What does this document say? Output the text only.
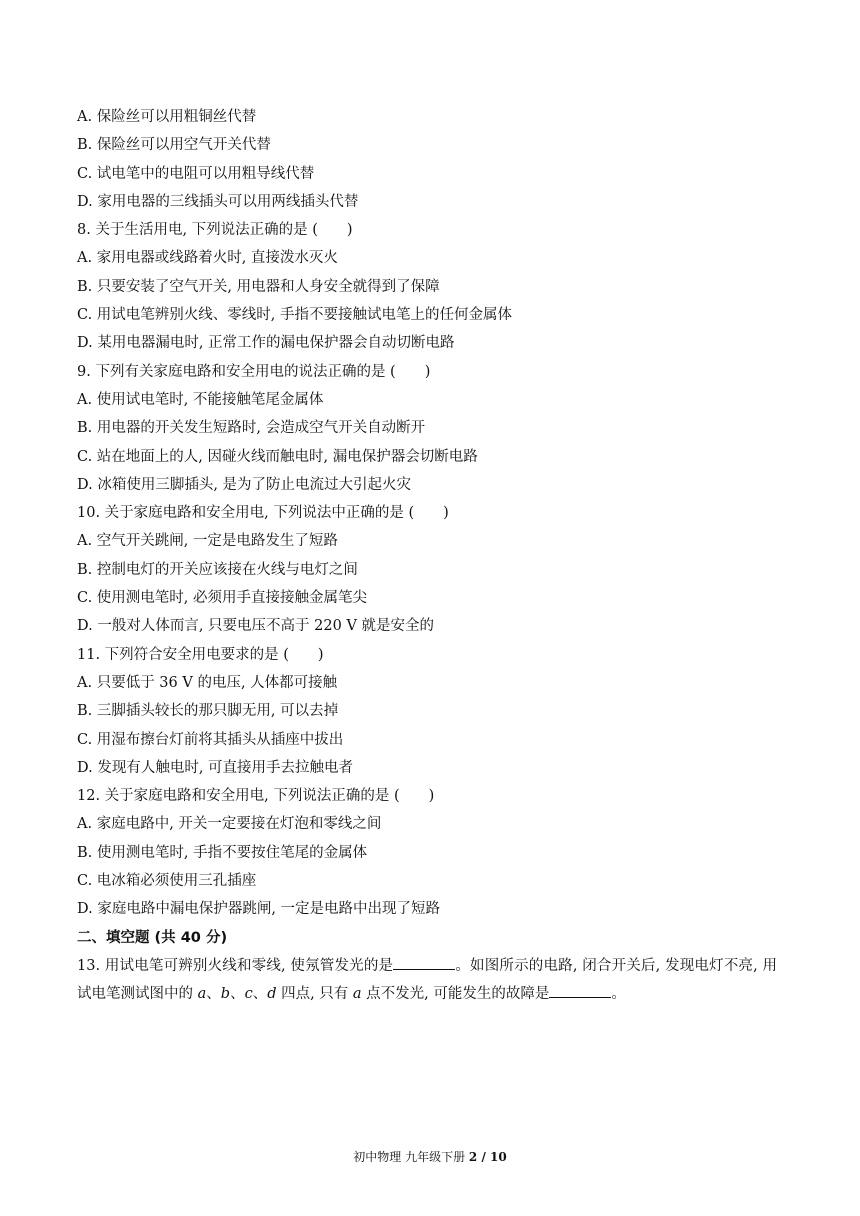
A. 保险丝可以用粗铜丝代替
B. 保险丝可以用空气开关代替
C. 试电笔中的电阻可以用粗导线代替
D. 家用电器的三线插头可以用两线插头代替
8. 关于生活用电, 下列说法正确的是 (　　)
A. 家用电器或线路着火时, 直接泼水灭火
B. 只要安装了空气开关, 用电器和人身安全就得到了保障
C. 用试电笔辨别火线、零线时, 手指不要接触试电笔上的任何金属体
D. 某用电器漏电时, 正常工作的漏电保护器会自动切断电路
9. 下列有关家庭电路和安全用电的说法正确的是 (　　)
A. 使用试电笔时, 不能接触笔尾金属体
B. 用电器的开关发生短路时, 会造成空气开关自动断开
C. 站在地面上的人, 因碰火线而触电时, 漏电保护器会切断电路
D. 冰箱使用三脚插头, 是为了防止电流过大引起火灾
10. 关于家庭电路和安全用电, 下列说法中正确的是 (　　)
A. 空气开关跳闸, 一定是电路发生了短路
B. 控制电灯的开关应该接在火线与电灯之间
C. 使用测电笔时, 必须用手直接接触金属笔尖
D. 一般对人体而言, 只要电压不高于 220 V 就是安全的
11. 下列符合安全用电要求的是 (　　)
A. 只要低于 36 V 的电压, 人体都可接触
B. 三脚插头较长的那只脚无用, 可以去掉
C. 用湿布擦台灯前将其插头从插座中拔出
D. 发现有人触电时, 可直接用手去拉触电者
12. 关于家庭电路和安全用电, 下列说法正确的是 (　　)
A. 家庭电路中, 开关一定要接在灯泡和零线之间
B. 使用测电笔时, 手指不要按住笔尾的金属体
C. 电冰箱必须使用三孔插座
D. 家庭电路中漏电保护器跳闸, 一定是电路中出现了短路
二、填空题 (共 40 分)
13. 用试电笔可辨别火线和零线, 使氖管发光的是	。如图所示的电路, 闭合开关后, 发现电灯不亮, 用试电笔测试图中的 a、b、c、d 四点, 只有 a 点不发光, 可能发生的故障是	。
初中物理 九年级下册 2 / 10
